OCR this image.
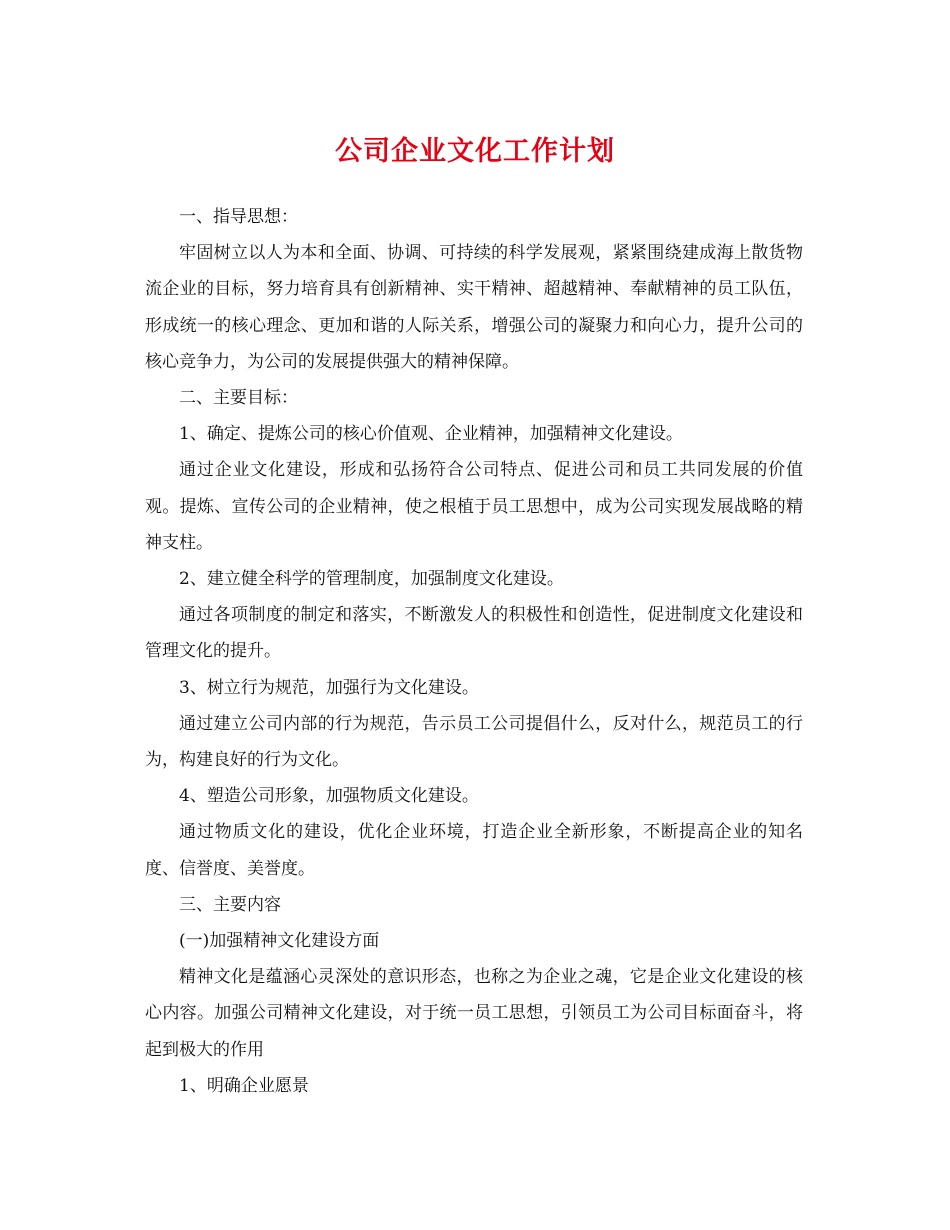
公司企业文化工作计划

一、指导思想：

牢固树立以人为本和全面、协调、可持续的科学发展观，紧紧围绕建成海上散货物流企业的目标，努力培育具有创新精神、实干精神、超越精神、奉献精神的员工队伍，形成统一的核心理念、更加和谐的人际关系，增强公司的凝聚力和向心力，提升公司的核心竞争力，为公司的发展提供强大的精神保障。

二、主要目标：

1、确定、提炼公司的核心价值观、企业精神，加强精神文化建设。

通过企业文化建设，形成和弘扬符合公司特点、促进公司和员工共同发展的价值观。提炼、宣传公司的企业精神，使之根植于员工思想中，成为公司实现发展战略的精神支柱。

2、建立健全科学的管理制度，加强制度文化建设。

通过各项制度的制定和落实，不断激发人的积极性和创造性，促进制度文化建设和管理文化的提升。

3、树立行为规范，加强行为文化建设。

通过建立公司内部的行为规范，告示员工公司提倡什么，反对什么，规范员工的行为，构建良好的行为文化。

4、塑造公司形象，加强物质文化建设。

通过物质文化的建设，优化企业环境，打造企业全新形象，不断提高企业的知名度、信誉度、美誉度。

三、主要内容

(一)加强精神文化建设方面

精神文化是蕴涵心灵深处的意识形态，也称之为企业之魂，它是企业文化建设的核心内容。加强公司精神文化建设，对于统一员工思想，引领员工为公司目标面奋斗，将起到极大的作用

1、明确企业愿景
